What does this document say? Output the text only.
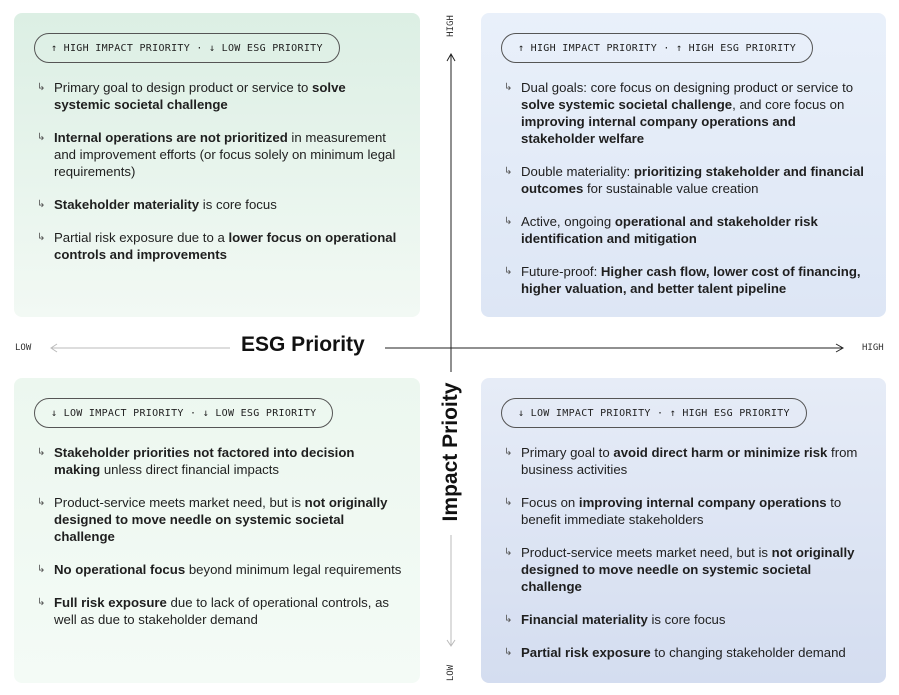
↑ HIGH IMPACT PRIORITY · ↓ LOW ESG PRIORITY
↳ Primary goal to design product or service to solve systemic societal challenge
↳ Internal operations are not prioritized in measurement and improvement efforts (or focus solely on minimum legal requirements)
↳ Stakeholder materiality is core focus
↳ Partial risk exposure due to a lower focus on operational controls and improvements
↑ HIGH IMPACT PRIORITY · ↑ HIGH ESG PRIORITY
↳ Dual goals: core focus on designing product or service to solve systemic societal challenge, and core focus on improving internal company operations and stakeholder welfare
↳ Double materiality: prioritizing stakeholder and financial outcomes for sustainable value creation
↳ Active, ongoing operational and stakeholder risk identification and mitigation
↳ Future-proof: Higher cash flow, lower cost of financing, higher valuation, and better talent pipeline
↓ LOW IMPACT PRIORITY · ↓ LOW ESG PRIORITY
↳ Stakeholder priorities not factored into decision making unless direct financial impacts
↳ Product-service meets market need, but is not originally designed to move needle on systemic societal challenge
↳ No operational focus beyond minimum legal requirements
↳ Full risk exposure due to lack of operational controls, as well as due to stakeholder demand
↓ LOW IMPACT PRIORITY · ↑ HIGH ESG PRIORITY
↳ Primary goal to avoid direct harm or minimize risk from business activities
↳ Focus on improving internal company operations to benefit immediate stakeholders
↳ Product-service meets market need, but is not originally designed to move needle on systemic societal challenge
↳ Financial materiality is core focus
↳ Partial risk exposure to changing stakeholder demand
LOW	HIGH
HIGH
LOW
ESG Priority
Impact Prioity
